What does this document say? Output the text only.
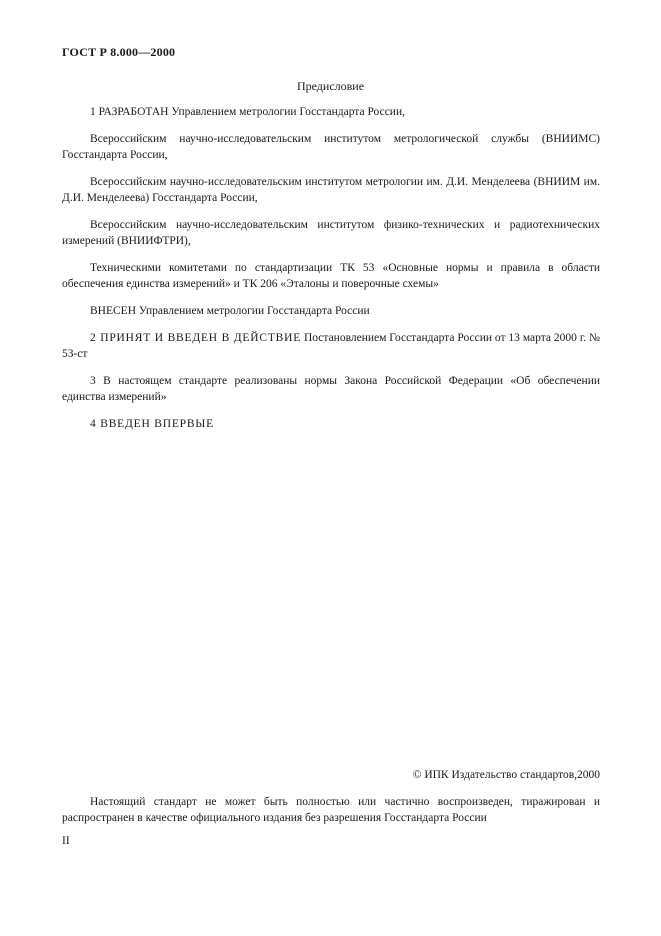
ГОСТ Р 8.000—2000
Предисловие

1 РАЗРАБОТАН Управлением метрологии Госстандарта России,

Всероссийским научно-исследовательским институтом метрологической службы (ВНИИМС) Госстандарта России,

Всероссийским научно-исследовательским институтом метрологии им. Д.И. Менделеева (ВНИИМ им. Д.И. Менделеева) Госстандарта России,

Всероссийским научно-исследовательским институтом физико-технических и радиотехнических измерений (ВНИИФТРИ),

Техническими комитетами по стандартизации ТК 53 «Основные нормы и правила в области обеспечения единства измерений» и ТК 206 «Эталоны и поверочные схемы»

ВНЕСЕН Управлением метрологии Госстандарта России

2 ПРИНЯТ И ВВЕДЕН В ДЕЙСТВИЕ Постановлением Госстандарта России от 13 марта 2000 г. № 53-ст

3 В настоящем стандарте реализованы нормы Закона Российской Федерации «Об обеспечении единства измерений»

4 ВВЕДЕН ВПЕРВЫЕ

© ИПК Издательство стандартов,2000
Настоящий стандарт не может быть полностью или частично воспроизведен, тиражирован и распространен в качестве официального издания без разрешения Госстандарта России
II
